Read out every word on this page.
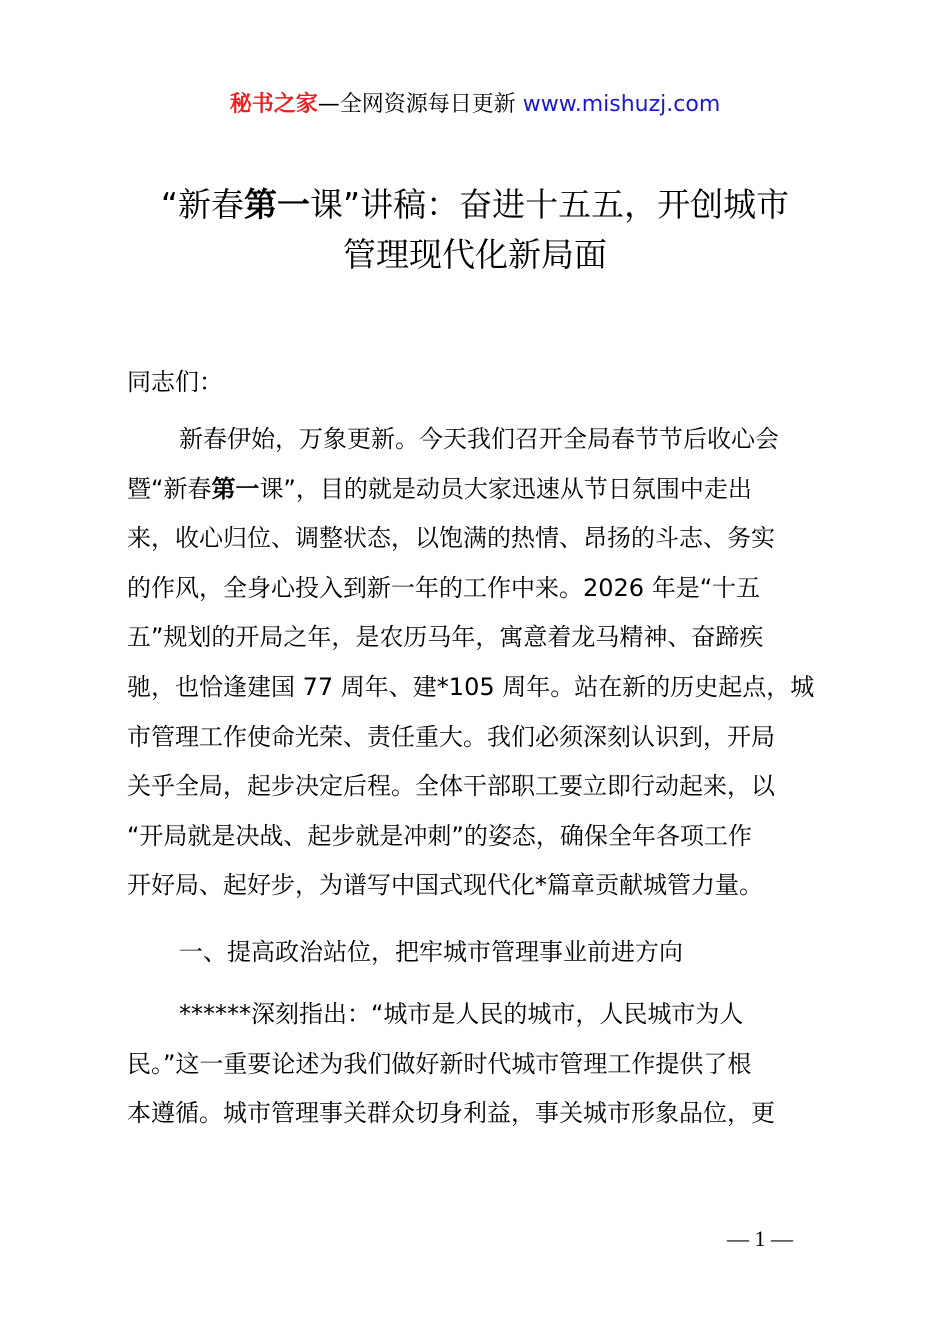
秘书之家—全网资源每日更新 www.mishuzj.com
“新春第一课”讲稿：奋进十五五，开创城市
管理现代化新局面
同志们：
新春伊始，万象更新。今天我们召开全局春节节后收心会
暨“新春第一课”，目的就是动员大家迅速从节日氛围中走出
来，收心归位、调整状态，以饱满的热情、昂扬的斗志、务实
的作风，全身心投入到新一年的工作中来。2026 年是“十五
五”规划的开局之年，是农历马年，寓意着龙马精神、奋蹄疾
驰，也恰逢建国 77 周年、建*105 周年。站在新的历史起点，城
市管理工作使命光荣、责任重大。我们必须深刻认识到，开局
关乎全局，起步决定后程。全体干部职工要立即行动起来，以
“开局就是决战、起步就是冲刺”的姿态，确保全年各项工作
开好局、起好步，为谱写中国式现代化*篇章贡献城管力量。
一、提高政治站位，把牢城市管理事业前进方向
******深刻指出：“城市是人民的城市，人民城市为人
民。”这一重要论述为我们做好新时代城市管理工作提供了根
本遵循。城市管理事关群众切身利益，事关城市形象品位，更
— 1 —
